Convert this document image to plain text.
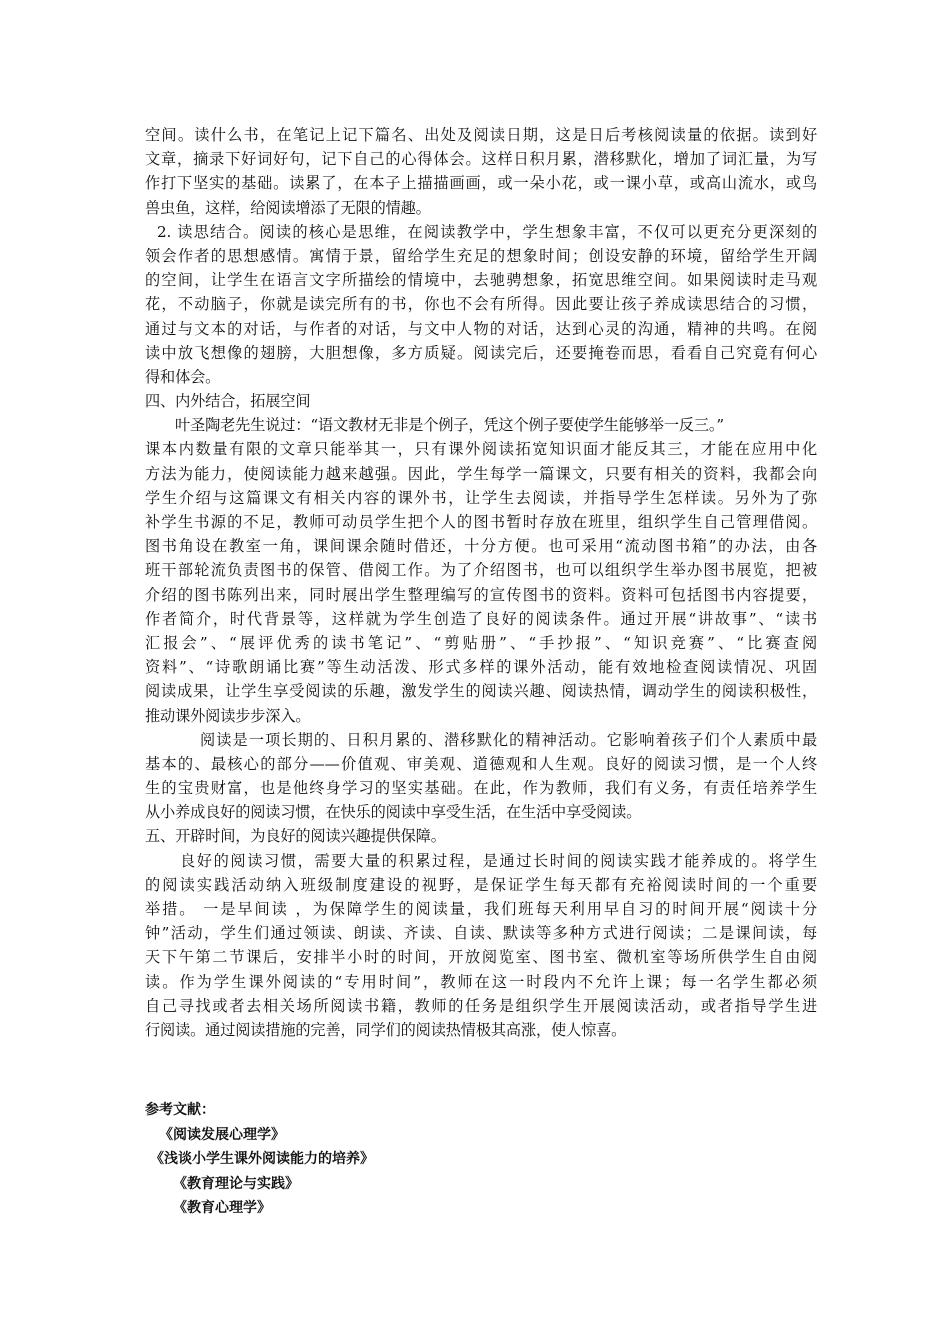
空间。读什么书，在笔记上记下篇名、出处及阅读日期，这是日后考核阅读量的依据。读到好
文章，摘录下好词好句，记下自己的心得体会。这样日积月累，潜移默化，增加了词汇量，为写
作打下坚实的基础。读累了，在本子上描描画画，或一朵小花，或一课小草，或高山流水，或鸟
兽虫鱼，这样，给阅读增添了无限的情趣。
2. 读思结合。阅读的核心是思维，在阅读教学中，学生想象丰富，不仅可以更充分更深刻的
领会作者的思想感情。寓情于景，留给学生充足的想象时间；创设安静的环境，留给学生开阔
的空间，让学生在语言文字所描绘的情境中，去驰骋想象，拓宽思维空间。如果阅读时走马观
花，不动脑子，你就是读完所有的书，你也不会有所得。因此要让孩子养成读思结合的习惯，
通过与文本的对话，与作者的对话，与文中人物的对话，达到心灵的沟通，精神的共鸣。在阅
读中放飞想像的翅膀，大胆想像，多方质疑。阅读完后，还要掩卷而思，看看自己究竟有何心
得和体会。
四、内外结合，拓展空间
叶圣陶老先生说过：“语文教材无非是个例子，凭这个例子要使学生能够举一反三。”
课本内数量有限的文章只能举其一，只有课外阅读拓宽知识面才能反其三，才能在应用中化
方法为能力，使阅读能力越来越强。因此，学生每学一篇课文，只要有相关的资料，我都会向
学生介绍与这篇课文有相关内容的课外书，让学生去阅读，并指导学生怎样读。另外为了弥
补学生书源的不足，教师可动员学生把个人的图书暂时存放在班里，组织学生自己管理借阅。
图书角设在教室一角，课间课余随时借还，十分方便。也可采用“流动图书箱”的办法，由各
班干部轮流负责图书的保管、借阅工作。为了介绍图书，也可以组织学生举办图书展览，把被
介绍的图书陈列出来，同时展出学生整理编写的宣传图书的资料。资料可包括图书内容提要，
作者简介，时代背景等，这样就为学生创造了良好的阅读条件。通过开展“讲故事”、“读书
汇报会”、“展评优秀的读书笔记”、“剪贴册”、“手抄报”、“知识竞赛”、“比赛查阅
资料”、“诗歌朗诵比赛”等生动活泼、形式多样的课外活动，能有效地检查阅读情况、巩固
阅读成果，让学生享受阅读的乐趣，激发学生的阅读兴趣、阅读热情，调动学生的阅读积极性，
推动课外阅读步步深入。
阅读是一项长期的、日积月累的、潜移默化的精神活动。它影响着孩子们个人素质中最
基本的、最核心的部分——价值观、审美观、道德观和人生观。良好的阅读习惯，是一个人终
生的宝贵财富，也是他终身学习的坚实基础。在此，作为教师，我们有义务，有责任培养学生
从小养成良好的阅读习惯，在快乐的阅读中享受生活，在生活中享受阅读。
五、开辟时间，为良好的阅读兴趣提供保障。
良好的阅读习惯，需要大量的积累过程，是通过长时间的阅读实践才能养成的。将学生
的阅读实践活动纳入班级制度建设的视野，是保证学生每天都有充裕阅读时间的一个重要
举措。 一是早间读 ，为保障学生的阅读量，我们班每天利用早自习的时间开展“阅读十分
钟”活动，学生们通过领读、朗读、齐读、自读、默读等多种方式进行阅读；二是课间读，每
天下午第二节课后，安排半小时的时间，开放阅览室、图书室、微机室等场所供学生自由阅
读。作为学生课外阅读的“专用时间”，教师在这一时段内不允许上课；每一名学生都必须
自己寻找或者去相关场所阅读书籍，教师的任务是组织学生开展阅读活动，或者指导学生进
行阅读。通过阅读措施的完善，同学们的阅读热情极其高涨，使人惊喜。
参考文献：
《阅读发展心理学》
《浅谈小学生课外阅读能力的培养》
《教育理论与实践》
《教育心理学》
